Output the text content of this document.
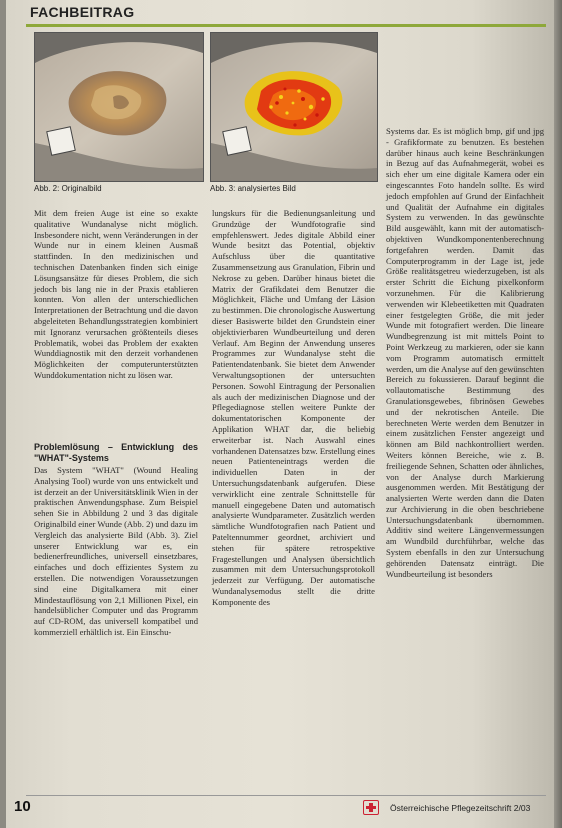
FACHBEITRAG
Abb. 2: Originalbild	Abb. 3: analysiertes Bild

Mit dem freien Auge ist eine so exakte qualitative Wundanalyse nicht möglich. Insbesondere nicht, wenn Veränderungen in der Wunde nur in einem kleinen Ausmaß stattfinden. In den medizinischen und technischen Datenbanken finden sich einige Lösungsansätze für dieses Problem, die sich jedoch bis lang nie in der Praxis etablieren konnten. Von allen der unterschiedlichen Interpretationen der Betrachtung und die davon abgeleiteten Behandlungsstrategien kombiniert mit Ignoranz verursachen größtenteils dieses Problematik, wobei das Problem der exakten Wunddiagnostik mit den derzeit vorhandenen Möglichkeiten der computerunterstützten Wunddokumentation nicht zu lösen war.

Problemlösung – Entwicklung des "WHAT"-Systems

Das System "WHAT" (Wound Healing Analysing Tool) wurde von uns entwickelt und ist derzeit an der Universitätsklinik Wien in der praktischen Anwendungsphase. Zum Beispiel sehen Sie in Abbildung 2 und 3 das digitale Originalbild einer Wunde (Abb. 2) und dazu im Vergleich das analysierte Bild (Abb. 3). Ziel unserer Entwicklung war es, ein bedienerfreundliches, universell einsetzbares, einfaches und doch effizientes System zu erstellen. Die notwendigen Voraussetzungen sind eine Digitalkamera mit einer Mindestauflösung von 2,1 Millionen Pixel, ein handelsüblicher Computer und das Programm auf CD-ROM, das universell kompatibel und kommerziell erhältlich ist. Ein Einschu-

lungskurs für die Bedienungsanleitung und Grundzüge der Wundfotografie sind empfehlenswert. Jedes digitale Abbild einer Wunde besitzt das Potential, objektiv Aufschluss über die quantitative Zusammensetzung aus Granulation, Fibrin und Nekrose zu geben. Darüber hinaus bietet die Matrix der Grafikdatei dem Benutzer die Möglichkeit, Fläche und Umfang der Läsion zu bestimmen. Die chronologische Auswertung dieser Basiswerte bildet den Grundstein einer objektivierbaren Wundbeurteilung und deren Verlauf. Am Beginn der Anwendung unseres Programmes zur Wundanalyse steht die Patientendatenbank. Sie bietet dem Anwender Verwaltungsoptionen der untersuchten Personen. Sowohl Eintragung der Personalien als auch der medizinischen Diagnose und der Pflegediagnose stellen weitere Punkte der dokumentatorischen Komponente der Applikation WHAT dar, die beliebig erweiterbar ist. Nach Auswahl eines vorhandenen Datensatzes bzw. Erstellung eines neuen Patienteneintrags werden die individuellen Daten in der Untersuchungsdatenbank aufgerufen. Diese verwirklicht eine zentrale Schnittstelle für manuell eingegebene Daten und automatisch analysierte Wundparameter. Zusätzlich werden sämtliche Wundfotografien nach Patient und Pateltennummer geordnet, archiviert und stehen für spätere retrospektive Fragestellungen und Analysen übersichtlich zusammen mit dem Untersuchungsprotokoll jederzeit zur Verfügung. Der automatische Wundanalysemodus stellt die dritte Komponente des

Systems dar. Es ist möglich bmp, gif und jpg - Grafikformate zu benutzen. Es bestehen darüber hinaus auch keine Beschränkungen in Bezug auf das Aufnahmegerät, wobei es sich eher um eine digitale Kamera oder ein eingescanntes Foto handeln sollte. Es wird jedoch empfohlen auf Grund der Einfachheit und Qualität der Aufnahme ein digitales System zu verwenden. In das gewünschte Bild ausgewählt, kann mit der automatisch-objektiven Wundkomponentenberechnung fortgefahren werden. Damit das Computerprogramm in der Lage ist, jede Größe realitätsgetreu wiederzugeben, ist als erster Schritt die Eichung pixelkonform vorzunehmen. Für die Kalibrierung verwenden wir Klebeetiketten mit Quadraten einer festgelegten Größe, die mit jeder Wunde mit fotografiert werden. Die lineare Wundbegrenzung ist mit mittels Point to Point Werkzeug zu markieren, oder sie kann vom Programm automatisch ermittelt werden, um die Analyse auf den gewünschten Bereich zu fokussieren. Darauf beginnt die vollautomatische Bestimmung des Granulationsgewebes, fibrinösen Gewebes und der nekrotischen Anteile. Die berechneten Werte werden dem Benutzer in einem zusätzlichen Fenster angezeigt und können am Bild nachkontrolliert werden. Weiters können Bereiche, wie z. B. freiliegende Sehnen, Schatten oder ähnliches, von der Analyse durch Markierung ausgenommen werden. Mit Bestätigung der analysierten Werte werden dann die Daten zur Archivierung in die oben beschriebene Untersuchungsdatenbank übernommen. Additiv sind weitere Längenvermessungen am Wundbild durchführbar, welche das System ebenfalls in den zur Untersuchung gehörenden Datensatz einträgt. Die Wundbeurteilung ist besonders

10	Österreichische Pflegezeitschrift 2/03
